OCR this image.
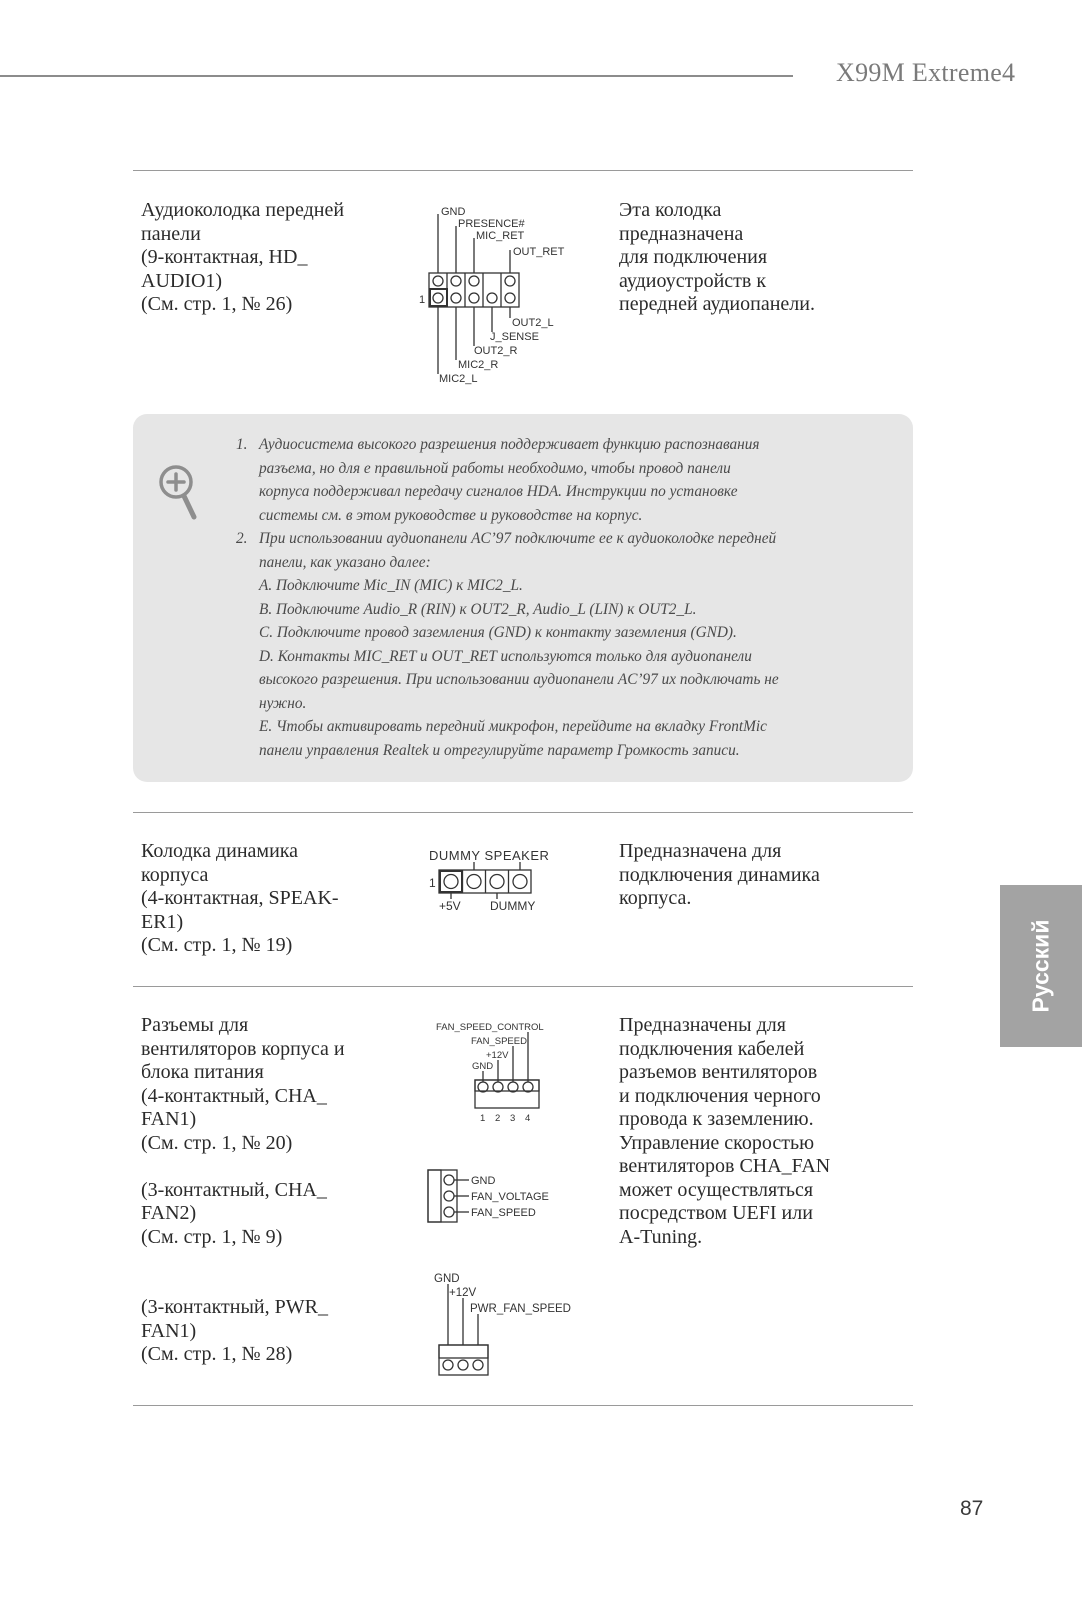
X99M Extreme4
Аудиоколодка передней
панели
(9-контактная, HD_
AUDIO1)
(См. стр. 1, № 26)
Эта колодка
предназначена
для подключения
аудиоустройств к
передней аудиопанели.
GND
PRESENCE#
MIC_RET
OUT_RET
1
OUT2_L
J_SENSE
OUT2_R
MIC2_R
MIC2_L
1. Аудиосистема высокого разрешения поддерживает функцию распознавания
разъема, но для е правильной работы необходимо, чтобы провод панели
корпуса поддерживал передачу сигналов HDA. Инструкции по установке
системы см. в этом руководстве и руководстве на корпус.
2. При использовании аудиопанели AC’97 подключите ее к аудиоколодке передней
панели, как указано далее:
A. Подключите Mic_IN (MIC) к MIC2_L.
B. Подключите Audio_R (RIN) к OUT2_R, Audio_L (LIN) к OUT2_L.
C. Подключите провод заземления (GND) к контакту заземления (GND).
D. Контакты MIC_RET и OUT_RET используются только для аудиопанели
высокого разрешения. При использовании аудиопанели AC’97 их подключать не
нужно.
E. Чтобы активировать передний микрофон, перейдите на вкладку FrontMic
панели управления Realtek и отрегулируйте параметр Громкость записи.
Колодка динамика
корпуса
(4-контактная, SPEAK-
ER1)
(См. стр. 1, № 19)
Предназначена для
подключения динамика
корпуса.
DUMMY SPEAKER
1
+5V DUMMY
Разъемы для
вентиляторов корпуса и
блока питания
(4-контактный, CHA_
FAN1)
(См. стр. 1, № 20)
(3-контактный, CHA_
FAN2)
(См. стр. 1, № 9)
(3-контактный, PWR_
FAN1)
(См. стр. 1, № 28)
Предназначены для
подключения кабелей
разъемов вентиляторов
и подключения черного
провода к заземлению.
Управление скоростью
вентиляторов CHA_FAN
может осуществляться
посредством UEFI или
A-Tuning.
FAN_SPEED_CONTROL
FAN_SPEED
+12V
GND
1 2 3 4
GND
FAN_VOLTAGE
FAN_SPEED
GND
+12V
PWR_FAN_SPEED
Русский
87
